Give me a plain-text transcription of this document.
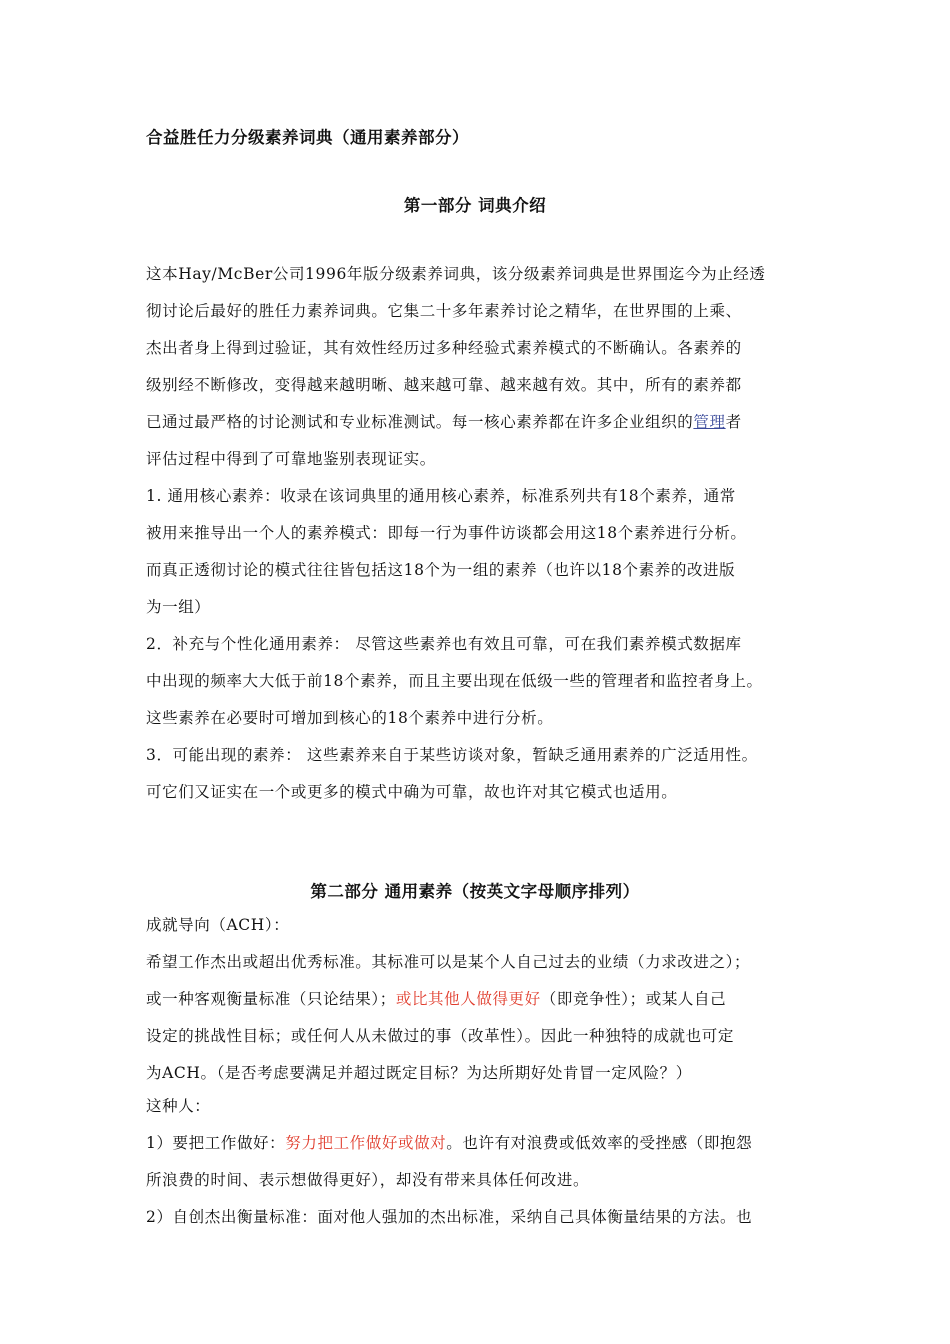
合益胜任力分级素养词典（通用素养部分）
第一部分 词典介绍
这本Hay/McBer公司1996年版分级素养词典，该分级素养词典是世界围迄今为止经透
彻讨论后最好的胜任力素养词典。它集二十多年素养讨论之精华，在世界围的上乘、
杰出者身上得到过验证，其有效性经历过多种经验式素养模式的不断确认。各素养的
级别经不断修改，变得越来越明晰、越来越可靠、越来越有效。其中，所有的素养都
已通过最严格的讨论测试和专业标准测试。每一核心素养都在许多企业组织的管理者
评估过程中得到了可靠地鉴别表现证实。
1. 通用核心素养：收录在该词典里的通用核心素养，标准系列共有18个素养，通常
被用来推导出一个人的素养模式：即每一行为事件访谈都会用这18个素养进行分析。
而真正透彻讨论的模式往往皆包括这18个为一组的素养（也许以18个素养的改进版
为一组）
2．补充与个性化通用素养： 尽管这些素养也有效且可靠，可在我们素养模式数据库
中出现的频率大大低于前18个素养，而且主要出现在低级一些的管理者和监控者身上。
这些素养在必要时可增加到核心的18个素养中进行分析。
3．可能出现的素养： 这些素养来自于某些访谈对象，暂缺乏通用素养的广泛适用性。
可它们又证实在一个或更多的模式中确为可靠，故也许对其它模式也适用。
第二部分 通用素养（按英文字母顺序排列）
成就导向（ACH）：
希望工作杰出或超出优秀标准。其标准可以是某个人自己过去的业绩（力求改进之）；
或一种客观衡量标准（只论结果）；或比其他人做得更好（即竞争性）；或某人自己
设定的挑战性目标；或任何人从未做过的事（改革性）。因此一种独特的成就也可定
为ACH。（是否考虑要满足并超过既定目标？为达所期好处肯冒一定风险？）
这种人：
1）要把工作做好：努力把工作做好或做对。也许有对浪费或低效率的受挫感（即抱怨
所浪费的时间、表示想做得更好），却没有带来具体任何改进。
2）自创杰出衡量标准：面对他人强加的杰出标准，采纳自己具体衡量结果的方法。也
